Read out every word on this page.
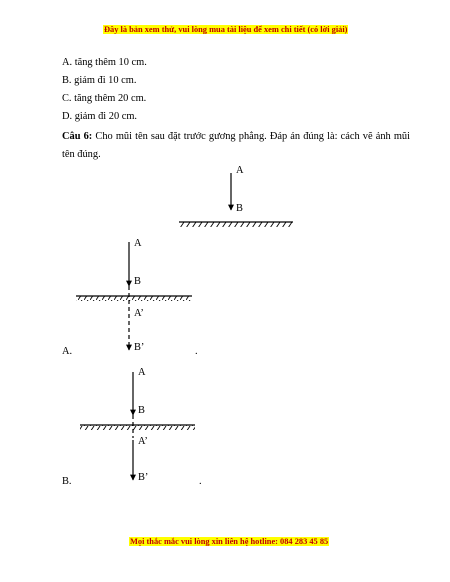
Đây là bản xem thử, vui lòng mua tài liệu để xem chi tiết (có lời giải)
A. tăng thêm 10 cm.
B. giảm đi 10 cm.
C. tăng thêm 20 cm.
D. giảm đi 20 cm.
Câu 6: Cho mũi tên sau đặt trước gương phẳng. Đáp án đúng là: cách vẽ ảnh mũi tên đúng.
A
B
A
B
A’
B’
A.	.
A
B
A’
B’
B.	.
Mọi thắc mắc vui lòng xin liên hệ hotline: 084 283 45 85
